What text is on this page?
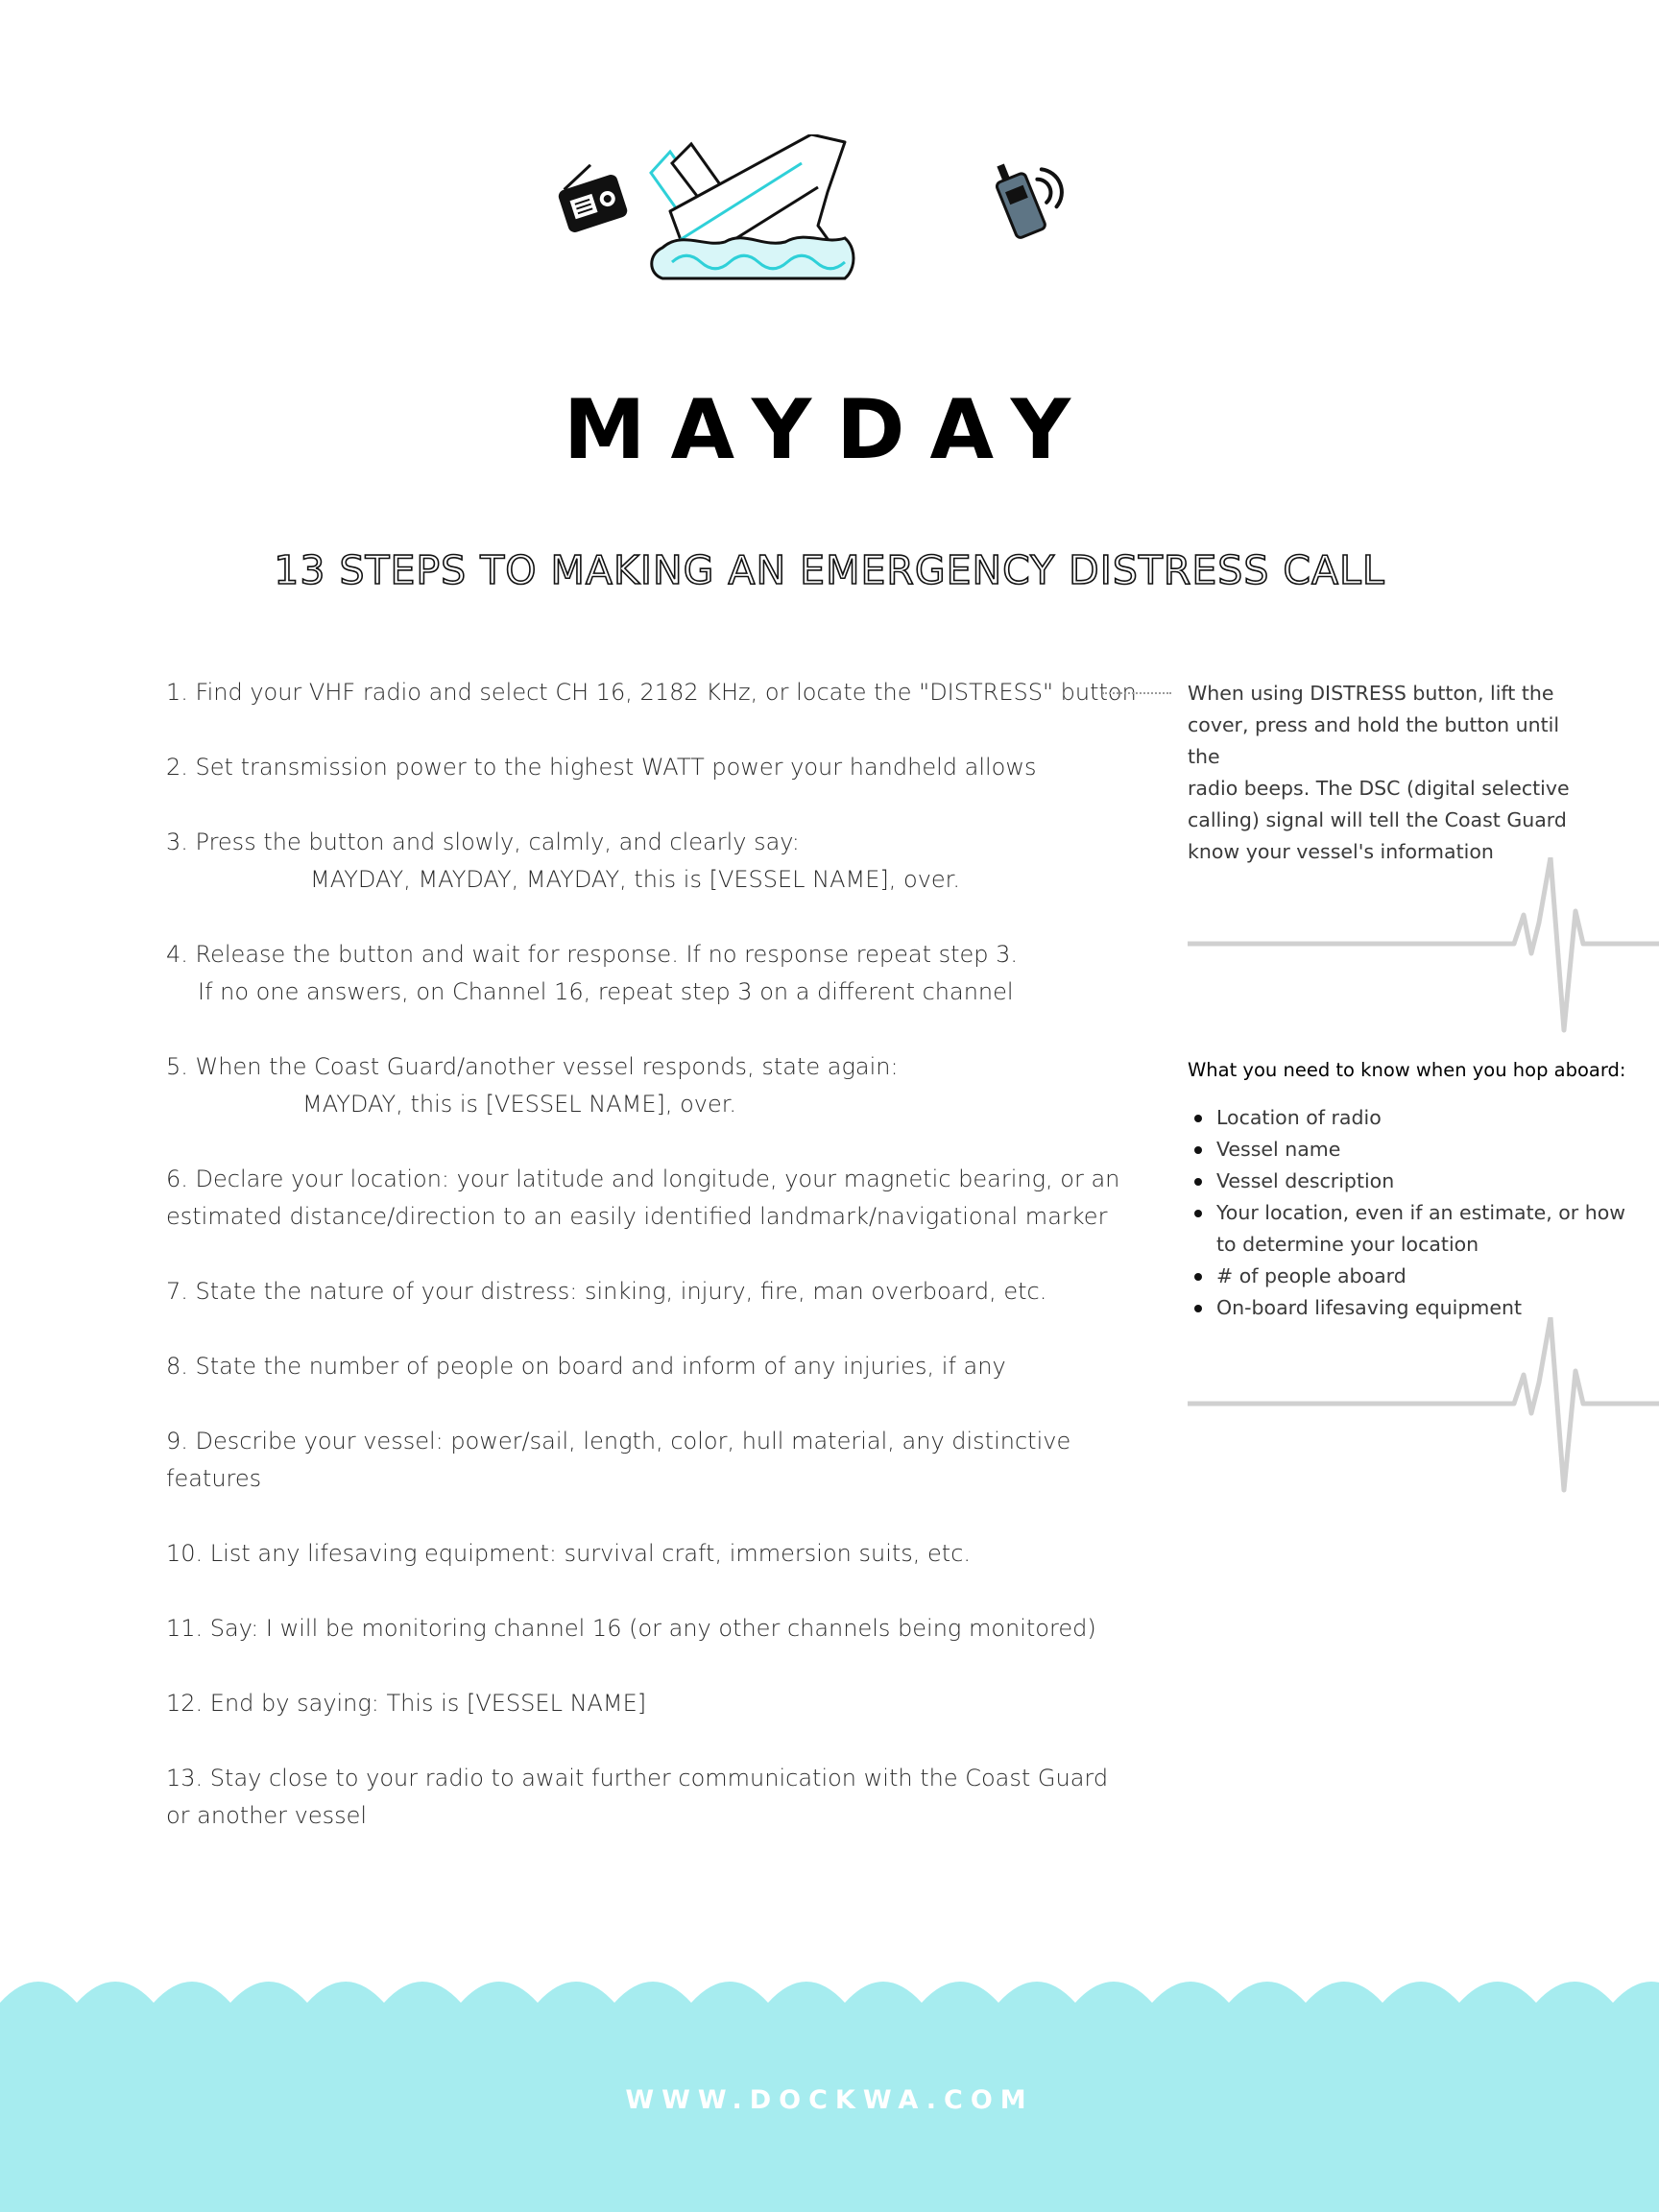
MAYDAY
13 STEPS TO MAKING AN EMERGENCY DISTRESS CALL
1. Find your VHF radio and select CH 16, 2182 KHz, or locate the "DISTRESS" button
2. Set transmission power to the highest WATT power your handheld allows
3. Press the button and slowly, calmly, and clearly say:
MAYDAY, MAYDAY, MAYDAY, this is [VESSEL NAME], over.
4. Release the button and wait for response. If no response repeat step 3.
If no one answers, on Channel 16, repeat step 3 on a different channel
5. When the Coast Guard/another vessel responds, state again:
MAYDAY, this is [VESSEL NAME], over.
6. Declare your location: your latitude and longitude, your magnetic bearing, or an
estimated distance/direction to an easily identified landmark/navigational marker
7. State the nature of your distress: sinking, injury, fire, man overboard, etc.
8. State the number of people on board and inform of any injuries, if any
9. Describe your vessel: power/sail, length, color, hull material, any distinctive
features
10. List any lifesaving equipment: survival craft, immersion suits, etc.
11. Say: I will be monitoring channel 16 (or any other channels being monitored)
12. End by saying: This is [VESSEL NAME]
13. Stay close to your radio to await further communication with the Coast Guard
or another vessel

When using DISTRESS button, lift the
cover, press and hold the button until the
radio beeps. The DSC (digital selective
calling) signal will tell the Coast Guard
know your vessel's information

What you need to know when you hop aboard:

Location of radio
Vessel name
Vessel description
Your location, even if an estimate, or how
to determine your location
# of people aboard
On-board lifesaving equipment

WWW.DOCKWA.COM
